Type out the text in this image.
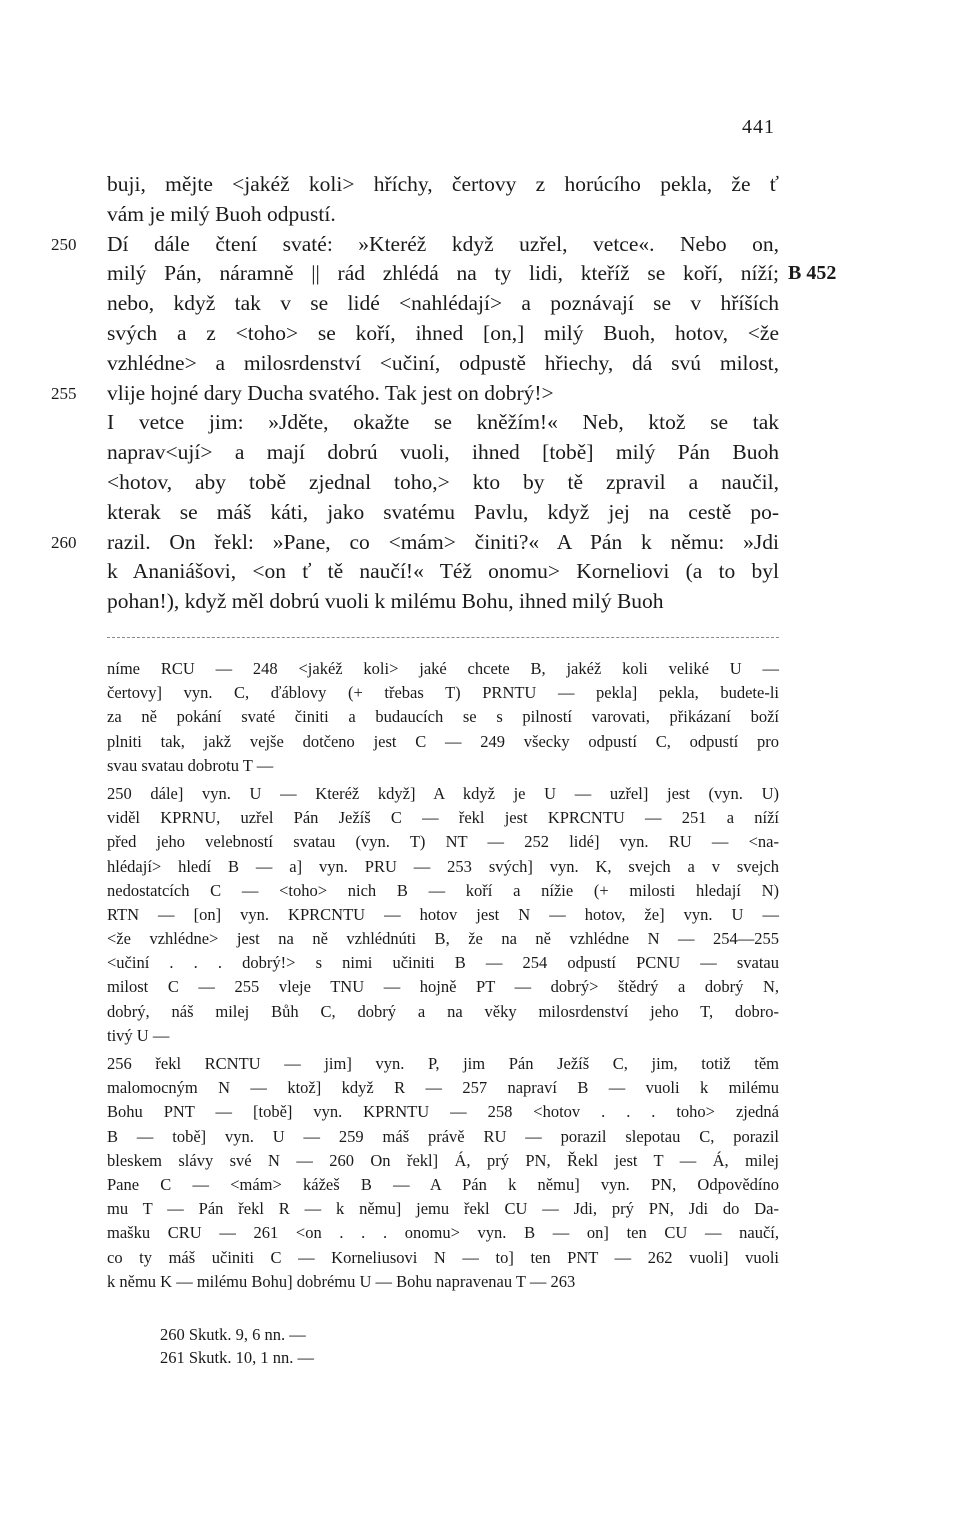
441
buji, mějte <jakéž koli> hříchy, čertovy z horúcího pekla, že ť
vám je milý Buoh odpustí.
250	Dí dále čtení svaté: »Kteréž když uzřel, vetce«. Nebo on,
milý Pán, náramně || rád zhlédá na ty lidi, kteříž se koří, níží; B 452
nebo, když tak v se lidé <nahlédají> a poznávají se v hříších
svých a z <toho> se koří, ihned [on,] milý Buoh, hotov, <že
vzhlédne> a milosrdenství <učiní, odpustě hřiechy, dá svú milost,
255	vlije hojné dary Ducha svatého. Tak jest on dobrý!>
I vetce jim: »Jděte, okažte se kněžím!« Neb, ktož se tak
naprav<ují> a mají dobrú vuoli, ihned [tobě] milý Pán Buoh
<hotov, aby tobě zjednal toho,> kto by tě zpravil a naučil,
kterak se máš káti, jako svatému Pavlu, když jej na cestě po-
260	razil. On řekl: »Pane, co <mám> činiti?« A Pán k němu: »Jdi
k Ananiášovi, <on ť tě naučí!« Též onomu> Korneliovi (a to byl
pohan!), když měl dobrú vuoli k milému Bohu, ihned milý Buoh
níme RCU — 248 <jakéž koli> jaké chcete B, jakéž koli veliké U —
čertovy] vyn. C, ďáblovy (+ třebas T) PRNTU — pekla] pekla, budete-li
za ně pokání svaté činiti a budaucích se s pilností varovati, přikázaní boží
plniti tak, jakž vejše dotčeno jest C — 249 všecky odpustí C, odpustí pro
svau svatau dobrotu T —
250 dále] vyn. U — Kteréž když] A když je U — uzřel] jest (vyn. U)
viděl KPRNU, uzřel Pán Ježíš C — řekl jest KPRCNTU — 251 a níží
před jeho velebností svatau (vyn. T) NT — 252 lidé] vyn. RU — <na-
hlédají> hledí B — a] vyn. PRU — 253 svých] vyn. K, svejch a v svejch
nedostatcích C — <toho> nich B — koří a nížie (+ milosti hledají N)
RTN — [on] vyn. KPRCNTU — hotov jest N — hotov, že] vyn. U —
<že vzhlédne> jest na ně vzhlédnúti B, že na ně vzhlédne N — 254—255
<učiní . . . dobrý!> s nimi učiniti B — 254 odpustí PCNU — svatau
milost C — 255 vleje TNU — hojně PT — dobrý> štědrý a dobrý N,
dobrý, náš milej Bůh C, dobrý a na věky milosrdenství jeho T, dobro-
tivý U —
256 řekl RCNTU — jim] vyn. P, jim Pán Ježíš C, jim, totiž těm
malomocným N — ktož] když R — 257 napraví B — vuoli k milému
Bohu PNT — [tobě] vyn. KPRNTU — 258 <hotov . . . toho> zjedná
B — tobě] vyn. U — 259 máš právě RU — porazil slepotau C, porazil
bleskem slávy své N — 260 On řekl] Á, prý PN, Řekl jest T — Á, milej
Pane C — <mám> kážeš B — A Pán k němu] vyn. PN, Odpovědíno
mu T — Pán řekl R — k němu] jemu řekl CU — Jdi, prý PN, Jdi do Da-
mašku CRU — 261 <on . . . onomu> vyn. B — on] ten CU — naučí,
co ty máš učiniti C — Korneliusovi N — to] ten PNT — 262 vuoli] vuoli
k němu K — milému Bohu] dobrému U — Bohu napravenau T — 263
260 Skutk. 9, 6 nn. —
261 Skutk. 10, 1 nn. —
